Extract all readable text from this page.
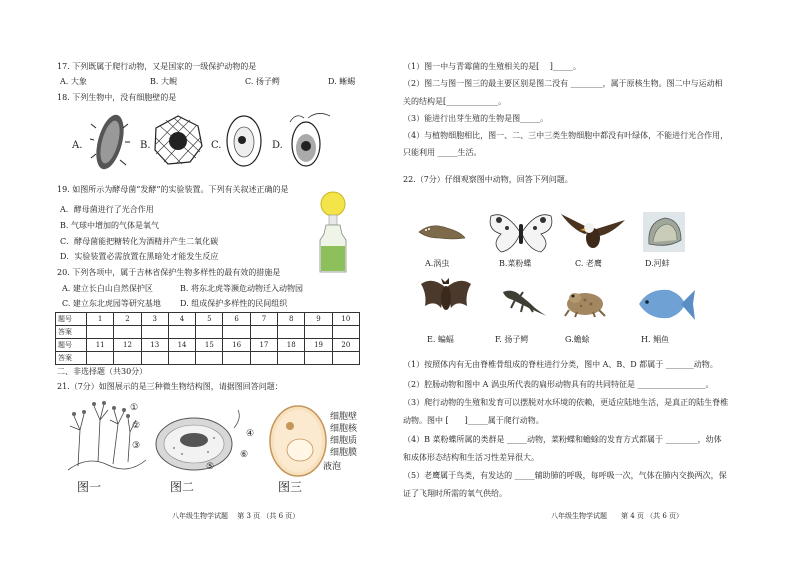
17. 下列既属于爬行动物，又是国家的一级保护动物的是
A. 大象	B. 大鲵	C. 扬子鳄	D. 蜥蜴
18. 下列生物中，没有细胞壁的是
A.	B.	C.	D.
19. 如图所示为酵母菌“发酵”的实验装置。下列有关叙述正确的是
A．酵母菌进行了光合作用
B. 气球中增加的气体是氧气
C．酵母菌能把糖转化为酒精并产生二氧化碳
D．实验装置必需放置在黑暗处才能发生反应
20. 下列各项中，属于吉林省保护生物多样性的最有效的措施是
A. 建立长白山自然保护区	B. 将东北虎等濒危动物迁入动物园
C. 建立东北虎园等研究基地 D. 组成保护多样性的民间组织
题号	1	2	3	4	5	6	7	8	9	10
答案										
题号	11	12	13	14	15	16	17	18	19	20
答案										
二、非选择题（共30分）
21.（7分）如图展示的是三种微生物结构图，请据图回答问题：
①
②
③
图一
④
⑤
⑥
图二
细胞壁
细胞核
细胞质
细胞膜
液泡
图三
八年级生物学试题　 第 3 页 （共 6 页）
（1）图一中与青霉菌的生殖相关的是[　 ]_____。
（2）图二与图一图三的最主要区别是图二没有 ________，属于原核生物。图二中与运动相
关的结构是[_____________。
（3）能进行出芽生殖的生物是图_____。
（4）与植物细胞相比，图一、二、三中三类生物细胞中都没有叶绿体，不能进行光合作用，
只能利用 _____生活。
22.（7分）仔细观察图中动物，回答下列问题。
A.涡虫	B.菜粉蝶	C. 老鹰	D.河蚌
E. 蝙蝠	F. 扬子鳄	G.蟾蜍	H. 鲳鱼
（1）按照体内有无由脊椎骨组成的脊柱进行分类，图中 A、B、D 都属于 _______动物。
（2）腔肠动物和图中 A 涡虫所代表的扁形动物具有的共同特征是 _________________。
（3）爬行动物的生殖和发育可以摆脱对水环境的依赖，更适应陆地生活，是真正的陆生脊椎
动物。图中 [　　]_____属于爬行动物。
（4）B 菜粉蝶所属的类群是 _____动物，菜粉蝶和蟾蜍的发育方式都属于 ________，幼体
和成体形态结构和生活习性差异很大。
（5）老鹰属于鸟类，有发达的 _____辅助肺的呼吸，每呼吸一次，气体在肺内交换两次，保
证了飞翔时所需的氧气供给。
八年级生物学试题　　第 4 页 （共 6 页）
